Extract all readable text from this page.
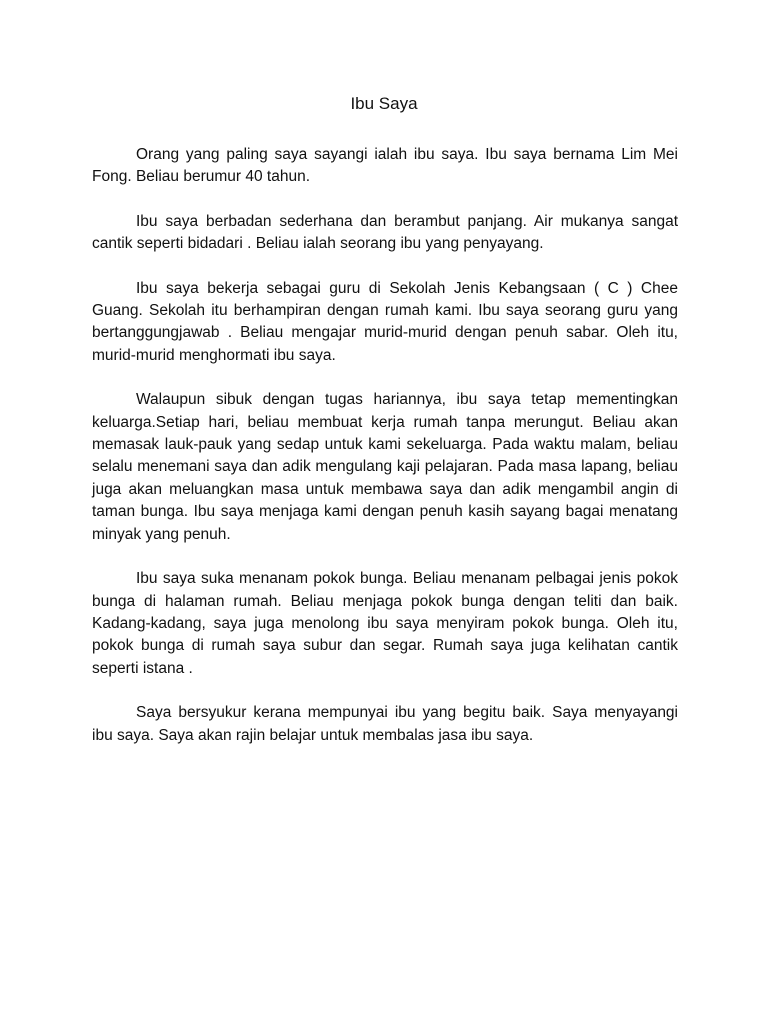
Ibu Saya

Orang yang paling saya sayangi ialah ibu saya. Ibu saya bernama Lim Mei Fong. Beliau berumur 40 tahun.

Ibu saya berbadan sederhana dan berambut panjang. Air mukanya sangat cantik seperti bidadari . Beliau ialah seorang ibu yang penyayang.

Ibu saya bekerja sebagai guru di Sekolah Jenis Kebangsaan ( C ) Chee Guang. Sekolah itu berhampiran dengan rumah kami. Ibu saya seorang guru yang bertanggungjawab . Beliau mengajar murid-murid dengan penuh sabar. Oleh itu, murid-murid menghormati ibu saya.

Walaupun sibuk dengan tugas hariannya, ibu saya tetap mementingkan keluarga.Setiap hari, beliau membuat kerja rumah tanpa merungut. Beliau akan memasak lauk-pauk yang sedap untuk kami sekeluarga. Pada waktu malam, beliau selalu menemani saya dan adik mengulang kaji pelajaran. Pada masa lapang, beliau juga akan meluangkan masa untuk membawa saya dan adik mengambil angin di taman bunga. Ibu saya menjaga kami dengan penuh kasih sayang bagai menatang minyak yang penuh.

Ibu saya suka menanam pokok bunga. Beliau menanam pelbagai jenis pokok bunga di halaman rumah. Beliau menjaga pokok bunga dengan teliti dan baik. Kadang-kadang, saya juga menolong ibu saya menyiram pokok bunga. Oleh itu, pokok bunga di rumah saya subur dan segar. Rumah saya juga kelihatan cantik seperti istana .

Saya bersyukur kerana mempunyai ibu yang begitu baik. Saya menyayangi ibu saya. Saya akan rajin belajar untuk membalas jasa ibu saya.
